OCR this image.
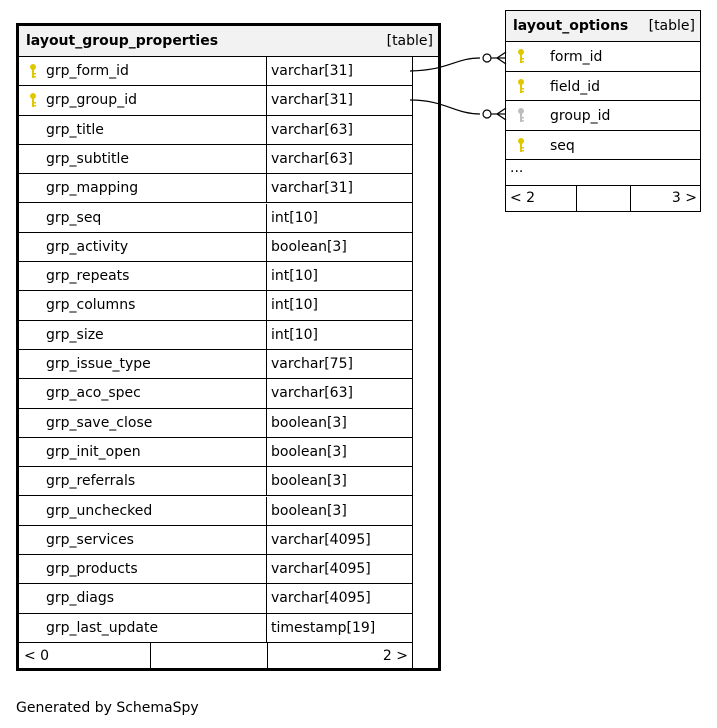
layout_group_properties	[table]
grp_form_id	varchar[31]
grp_group_id	varchar[31]
grp_title	varchar[63]
grp_subtitle	varchar[63]
grp_mapping	varchar[31]
grp_seq	int[10]
grp_activity	boolean[3]
grp_repeats	int[10]
grp_columns	int[10]
grp_size	int[10]
grp_issue_type	varchar[75]
grp_aco_spec	varchar[63]
grp_save_close	boolean[3]
grp_init_open	boolean[3]
grp_referrals	boolean[3]
grp_unchecked	boolean[3]
grp_services	varchar[4095]
grp_products	varchar[4095]
grp_diags	varchar[4095]
grp_last_update	timestamp[19]
< 0	2 >
layout_options [table]
form_id
field_id
group_id
seq
...
< 2	3 >
Generated by SchemaSpy
